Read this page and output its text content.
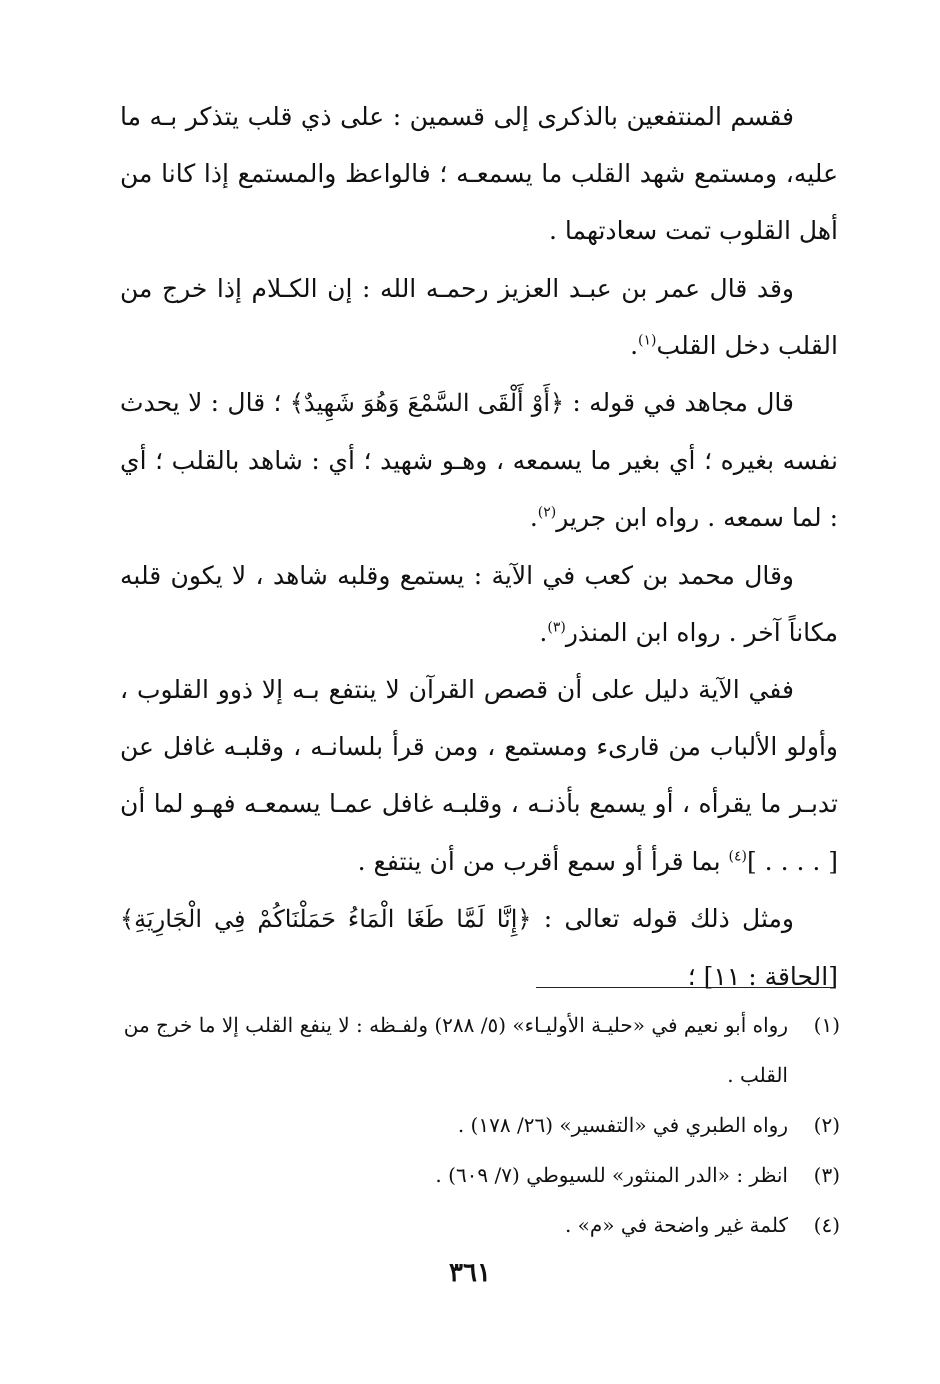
فقسم المنتفعين بالذكرى إلى قسمين : على ذي قلب يتذكر بـه ما عليه، ومستمع شهد القلب ما يسمعـه ؛ فالواعظ والمستمع إذا كانا من أهل القلوب تمت سعادتهما .

وقد قال عمر بن عبـد العزيز رحمـه الله : إن الكـلام إذا خرج من القلب دخل القلب$^{(١)}$.

قال مجاهد في قوله : ﴿أَوْ أَلْقَى السَّمْعَ وَهُوَ شَهِيدٌ﴾ ؛ قال : لا يحدث نفسه بغيره ؛ أي بغير ما يسمعه ، وهـو شهيد ؛ أي : شاهد بالقلب ؛ أي : لما سمعه . رواه ابن جرير$^{(٢)}$.

وقال محمد بن كعب في الآية : يستمع وقلبه شاهد ، لا يكون قلبه مكاناً آخر . رواه ابن المنذر$^{(٣)}$.

ففي الآية دليل على أن قصص القرآن لا ينتفع بـه إلا ذوو القلوب ، وأولو الألباب من قارىء ومستمع ، ومن قرأ بلسانـه ، وقلبـه غافل عن تدبـر ما يقرأه ، أو يسمع بأذنـه ، وقلبـه غافل عمـا يسمعـه فهـو لما أن [ . . . . ]$^{(٤)}$ بما قرأ أو سمع أقرب من أن ينتفع .

ومثل ذلك قوله تعالى : ﴿إِنَّا لَمَّا طَغَا الْمَاءُ حَمَلْنَاكُمْ فِي الْجَارِيَةِ﴾[الحاقة : ١١] ؛

(١)
رواه أبو نعيم في «حليـة الأوليـاء» (٥/ ٢٨٨) ولفـظه : لا ينفع القلب إلا ما خرج من القلب .
(٢)
رواه الطبري في «التفسير» (٢٦/ ١٧٨) .
(٣)
انظر : «الدر المنثور» للسيوطي (٧/ ٦٠٩) .
(٤)
كلمة غير واضحة في «م» .
٣٦١
